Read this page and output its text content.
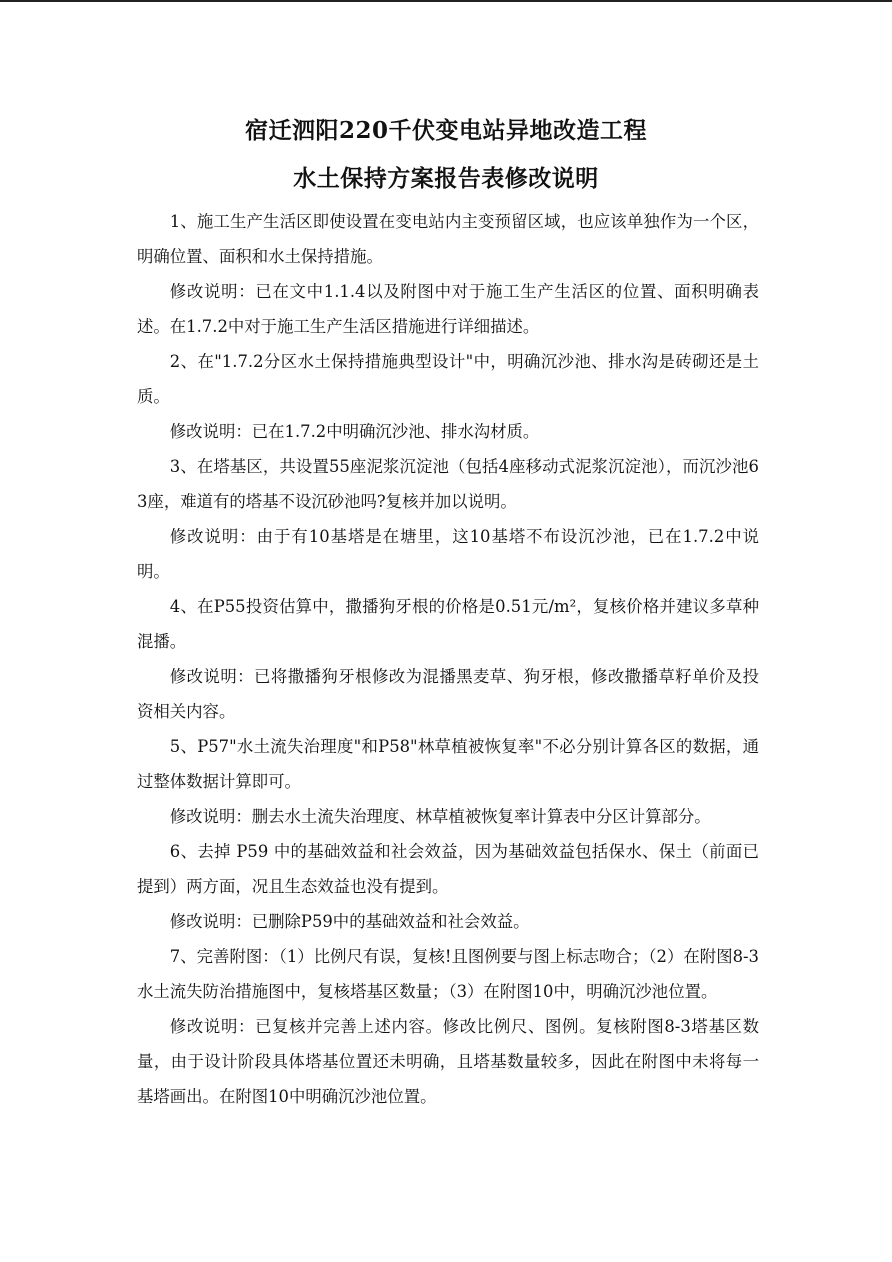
宿迁泗阳220千伏变电站异地改造工程
水土保持方案报告表修改说明

1、施工生产生活区即使设置在变电站内主变预留区域，也应该单独作为一个区，明确位置、面积和水土保持措施。

修改说明：已在文中1.1.4以及附图中对于施工生产生活区的位置、面积明确表述。在1.7.2中对于施工生产生活区措施进行详细描述。

2、在"1.7.2分区水土保持措施典型设计"中，明确沉沙池、排水沟是砖砌还是土质。

修改说明：已在1.7.2中明确沉沙池、排水沟材质。

3、在塔基区，共设置55座泥浆沉淀池（包括4座移动式泥浆沉淀池），而沉沙池63座，难道有的塔基不设沉砂池吗?复核并加以说明。

修改说明：由于有10基塔是在塘里，这10基塔不布设沉沙池，已在1.7.2中说明。

4、在P55投资估算中，撒播狗牙根的价格是0.51元/m²，复核价格并建议多草种混播。

修改说明：已将撒播狗牙根修改为混播黑麦草、狗牙根，修改撒播草籽单价及投资相关内容。

5、P57"水土流失治理度"和P58"林草植被恢复率"不必分别计算各区的数据，通过整体数据计算即可。

修改说明：删去水土流失治理度、林草植被恢复率计算表中分区计算部分。

6、去掉 P59 中的基础效益和社会效益，因为基础效益包括保水、保土（前面已提到）两方面，况且生态效益也没有提到。

修改说明：已删除P59中的基础效益和社会效益。

7、完善附图：（1）比例尺有误，复核!且图例要与图上标志吻合；（2）在附图8-3水土流失防治措施图中，复核塔基区数量；（3）在附图10中，明确沉沙池位置。

修改说明：已复核并完善上述内容。修改比例尺、图例。复核附图8-3塔基区数量，由于设计阶段具体塔基位置还未明确，且塔基数量较多，因此在附图中未将每一基塔画出。在附图10中明确沉沙池位置。
